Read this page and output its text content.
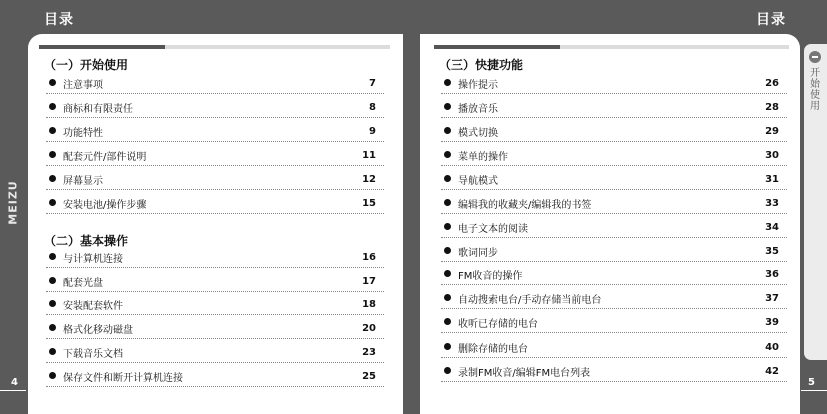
目录	目录
MEIZU
（一）开始使用
注意事项	7
商标和有限责任	8
功能特性	9
配套元件/部件说明	11
屏幕显示	12
安装电池/操作步骤	15
（二）基本操作
与计算机连接	16
配套光盘	17
安装配套软件	18
格式化移动磁盘	20
下载音乐文档	23
保存文件和断开计算机连接	25
（三）快捷功能
操作提示	26
播放音乐	28
模式切换	29
菜单的操作	30
导航模式	31
编辑我的收藏夹/编辑我的书签	33
电子文本的阅读	34
歌词同步	35
FM收音的操作	36
自动搜索电台/手动存储当前电台	37
收听已存储的电台	39
删除存储的电台	40
录制FM收音/编辑FM电台列表	42
开始使用
4	5
